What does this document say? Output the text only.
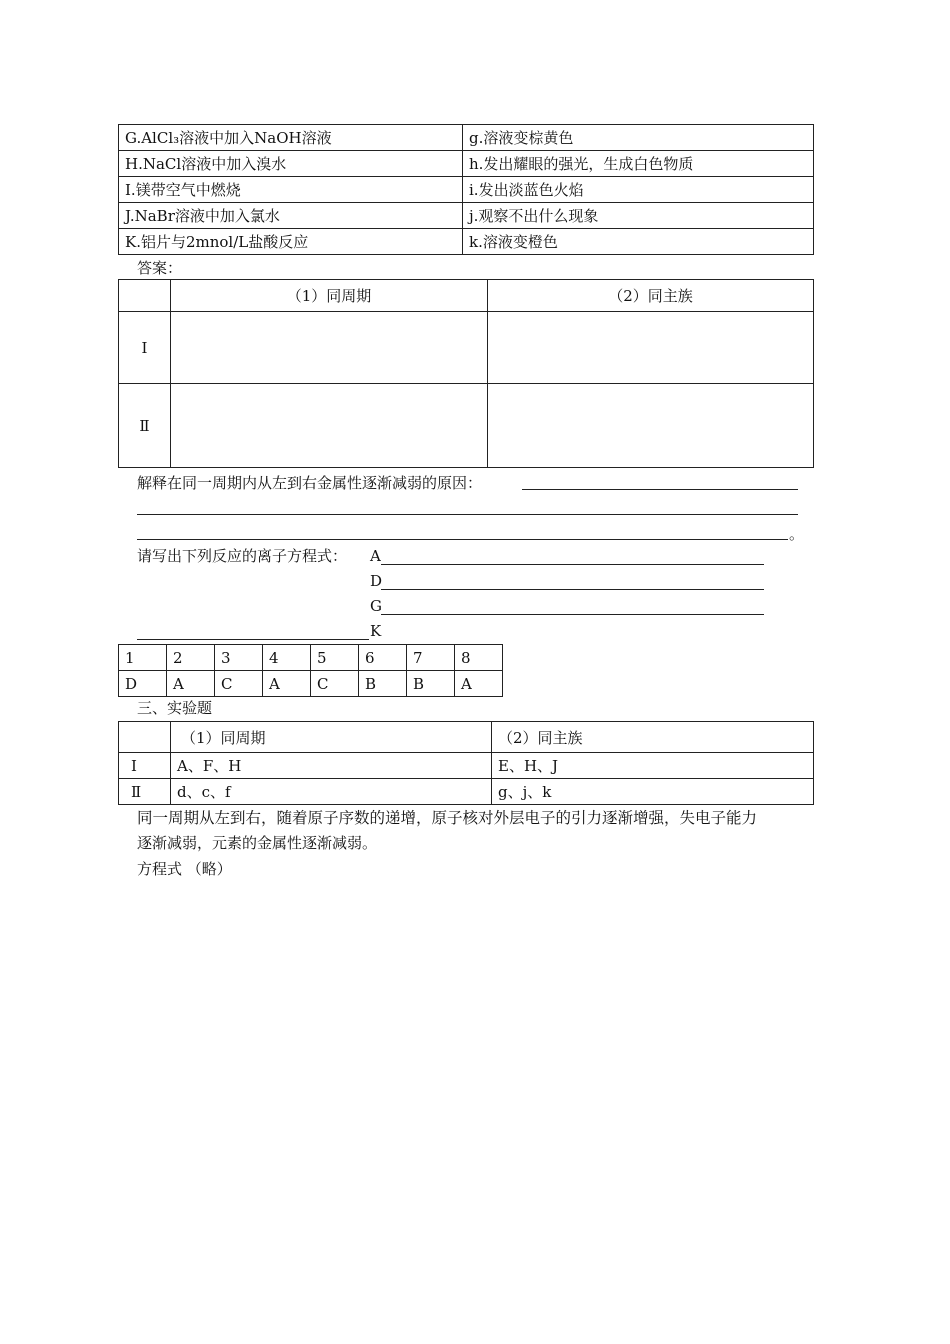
G.AlCl₃溶液中加入NaOH溶液	g.溶液变棕黄色
H.NaCl溶液中加入溴水	h.发出耀眼的强光，生成白色物质
I.镁带空气中燃烧	i.发出淡蓝色火焰
J.NaBr溶液中加入氯水	j.观察不出什么现象
K.铝片与2mnol/L盐酸反应	k.溶液变橙色
答案：
	（1）同周期	（2）同主族
Ⅰ		
Ⅱ		
解释在同一周期内从左到右金属性逐渐减弱的原因：
。
请写出下列反应的离子方程式： A
D
G
K
1	2	3	4	5	6	7	8
D	A	C	A	C	B	B	A
三、实验题
	（1）同周期	（2）同主族
Ⅰ	A、F、H	E、H、J
Ⅱ	d、c、f	g、j、k
同一周期从左到右，随着原子序数的递增，原子核对外层电子的引力逐渐增强，失电子能力
逐渐减弱，元素的金属性逐渐减弱。
方程式 （略）
